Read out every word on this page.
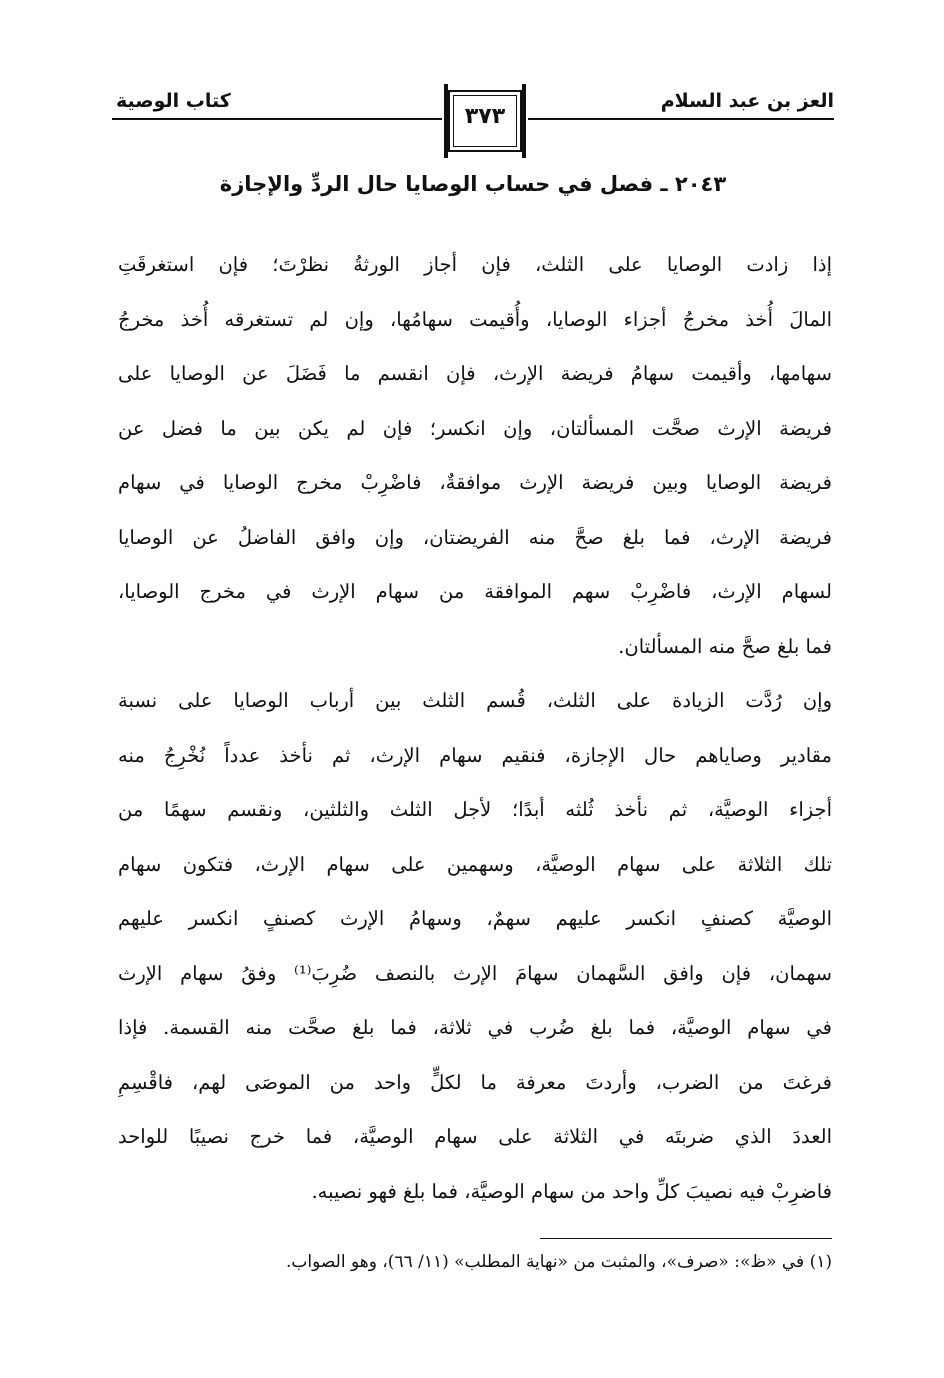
العز بن عبد السلام
كتاب الوصية
٣٧٣
٢٠٤٣ ـ فصل في حساب الوصايا حال الردِّ والإجازة
إذا زادت الوصايا على الثلث، فإن أجاز الورثةُ نظرْتَ؛ فإن استغرقَتِ
المالَ أُخذ مخرجُ أجزاء الوصايا، وأُقيمت سهامُها، وإن لم تستغرقه أُخذ مخرجُ
سهامها، وأقيمت سهامُ فريضة الإرث، فإن انقسم ما فَضَلَ عن الوصايا على
فريضة الإرث صحَّت المسألتان، وإن انكسر؛ فإن لم يكن بين ما فضل عن
فريضة الوصايا وبين فريضة الإرث موافقةٌ، فاضْرِبْ مخرج الوصايا في سهام
فريضة الإرث، فما بلغ صحَّ منه الفريضتان، وإن وافق الفاضلُ عن الوصايا
لسهام الإرث، فاضْرِبْ سهم الموافقة من سهام الإرث في مخرج الوصايا،
فما بلغ صحَّ منه المسألتان.
وإن رُدَّت الزيادة على الثلث، قُسم الثلث بين أرباب الوصايا على نسبة
مقادير وصاياهم حال الإجازة، فنقيم سهام الإرث، ثم نأخذ عدداً نُخْرِجُ منه
أجزاء الوصيَّة، ثم نأخذ ثُلثه أبدًا؛ لأجل الثلث والثلثين، ونقسم سهمًا من
تلك الثلاثة على سهام الوصيَّة، وسهمين على سهام الإرث، فتكون سهام
الوصيَّة كصنفٍ انكسر عليهم سهمٌ، وسهامُ الإرث كصنفٍ انكسر عليهم
سهمان، فإن وافق السَّهمان سهامَ الإرث بالنصف ضُرِبَ⁽¹⁾ وفقُ سهام الإرث
في سهام الوصيَّة، فما بلغ ضُرب في ثلاثة، فما بلغ صحَّت منه القسمة. فإذا
فرغتَ من الضرب، وأردتَ معرفة ما لكلٍّ واحد من الموصَى لهم، فاقْسِمِ
العددَ الذي ضربتَه في الثلاثة على سهام الوصيَّة، فما خرج نصيبًا للواحد
فاضرِبْ فيه نصيبَ كلِّ واحد من سهام الوصيَّة، فما بلغ فهو نصيبه.
(١) في «ظ»: «صرف»، والمثبت من «نهاية المطلب» (١١/ ٦٦)، وهو الصواب.
